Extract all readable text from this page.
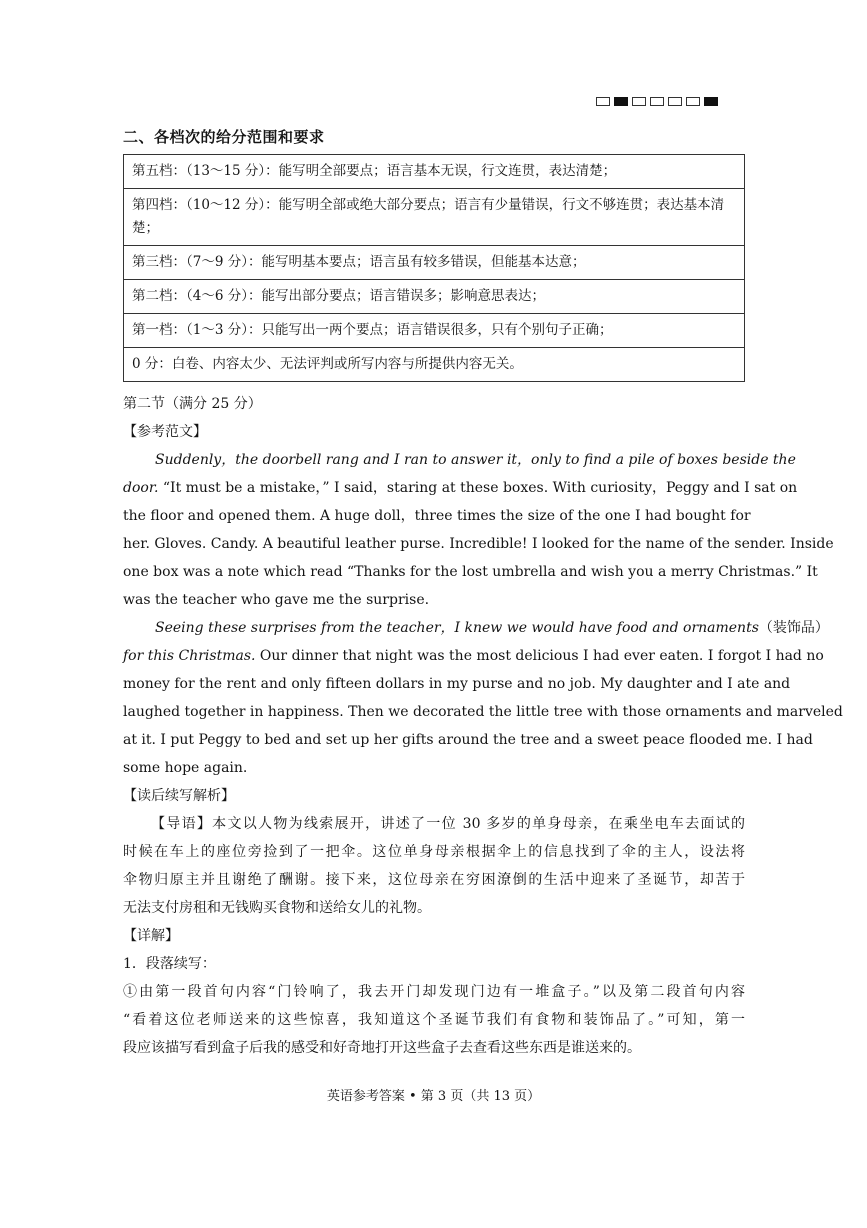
二、各档次的给分范围和要求
第五档：（13～15 分）：能写明全部要点；语言基本无误，行文连贯，表达清楚；
第四档：（10～12 分）：能写明全部或绝大部分要点；语言有少量错误，行文不够连贯；表达基本清楚；
第三档：（7～9 分）：能写明基本要点；语言虽有较多错误，但能基本达意；
第二档：（4～6 分）：能写出部分要点；语言错误多；影响意思表达；
第一档：（1～3 分）：只能写出一两个要点；语言错误很多，只有个别句子正确；
0 分：白卷、内容太少、无法评判或所写内容与所提供内容无关。
第二节（满分 25 分）
【参考范文】
Suddenly，the doorbell rang and I ran to answer it，only to find a pile of boxes beside the
door. “It must be a mistake，” I said，staring at these boxes. With curiosity，Peggy and I sat on
the floor and opened them. A huge doll，three times the size of the one I had bought for
her. Gloves. Candy. A beautiful leather purse. Incredible! I looked for the name of the sender. Inside
one box was a note which read “Thanks for the lost umbrella and wish you a merry Christmas.” It
was the teacher who gave me the surprise.
Seeing these surprises from the teacher，I knew we would have food and ornaments（装饰品）
for this Christmas. Our dinner that night was the most delicious I had ever eaten. I forgot I had no
money for the rent and only fifteen dollars in my purse and no job. My daughter and I ate and
laughed together in happiness. Then we decorated the little tree with those ornaments and marveled
at it. I put Peggy to bed and set up her gifts around the tree and a sweet peace flooded me. I had
some hope again.
【读后续写解析】
【导语】本文以人物为线索展开，讲述了一位 30 多岁的单身母亲，在乘坐电车去面试的
时候在车上的座位旁捡到了一把伞。这位单身母亲根据伞上的信息找到了伞的主人，设法将
伞物归原主并且谢绝了酬谢。接下来，这位母亲在穷困潦倒的生活中迎来了圣诞节，却苦于
无法支付房租和无钱购买食物和送给女儿的礼物。
【详解】
1．段落续写：
①由第一段首句内容“门铃响了，我去开门却发现门边有一堆盒子。”以及第二段首句内容
“看着这位老师送来的这些惊喜，我知道这个圣诞节我们有食物和装饰品了。”可知，第一
段应该描写看到盒子后我的感受和好奇地打开这些盒子去查看这些东西是谁送来的。
英语参考答案 • 第 3 页（共 13 页）
